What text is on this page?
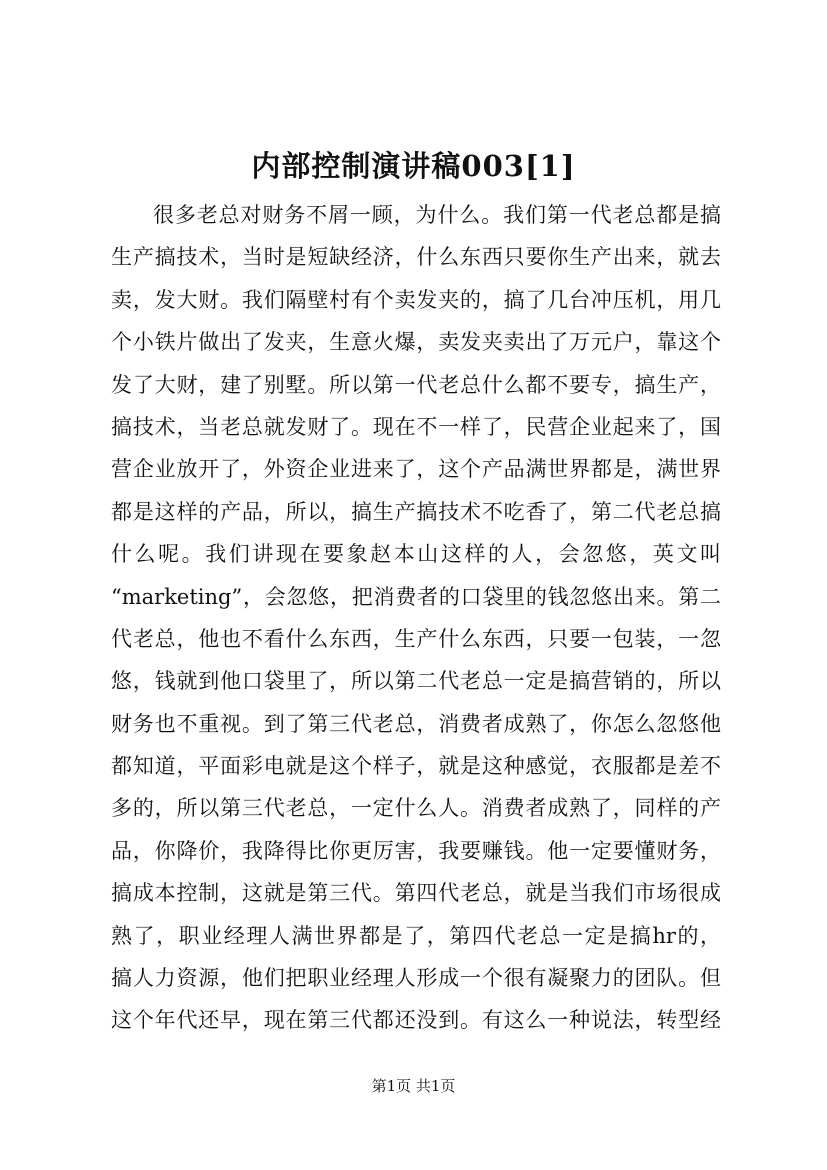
内部控制演讲稿003[1]
很多老总对财务不屑一顾，为什么。我们第一代老总都是搞
生产搞技术，当时是短缺经济，什么东西只要你生产出来，就去
卖，发大财。我们隔壁村有个卖发夹的，搞了几台冲压机，用几
个小铁片做出了发夹，生意火爆，卖发夹卖出了万元户，靠这个
发了大财，建了别墅。所以第一代老总什么都不要专，搞生产，
搞技术，当老总就发财了。现在不一样了，民营企业起来了，国
营企业放开了，外资企业进来了，这个产品满世界都是，满世界
都是这样的产品，所以，搞生产搞技术不吃香了，第二代老总搞
什么呢。我们讲现在要象赵本山这样的人，会忽悠，英文叫
“marketing”，会忽悠，把消费者的口袋里的钱忽悠出来。第二
代老总，他也不看什么东西，生产什么东西，只要一包装，一忽
悠，钱就到他口袋里了，所以第二代老总一定是搞营销的，所以
财务也不重视。到了第三代老总，消费者成熟了，你怎么忽悠他
都知道，平面彩电就是这个样子，就是这种感觉，衣服都是差不
多的，所以第三代老总，一定什么人。消费者成熟了，同样的产
品，你降价，我降得比你更厉害，我要赚钱。他一定要懂财务，
搞成本控制，这就是第三代。第四代老总，就是当我们市场很成
熟了，职业经理人满世界都是了，第四代老总一定是搞hr的，
搞人力资源，他们把职业经理人形成一个很有凝聚力的团队。但
这个年代还早，现在第三代都还没到。有这么一种说法，转型经
第1页 共1页
